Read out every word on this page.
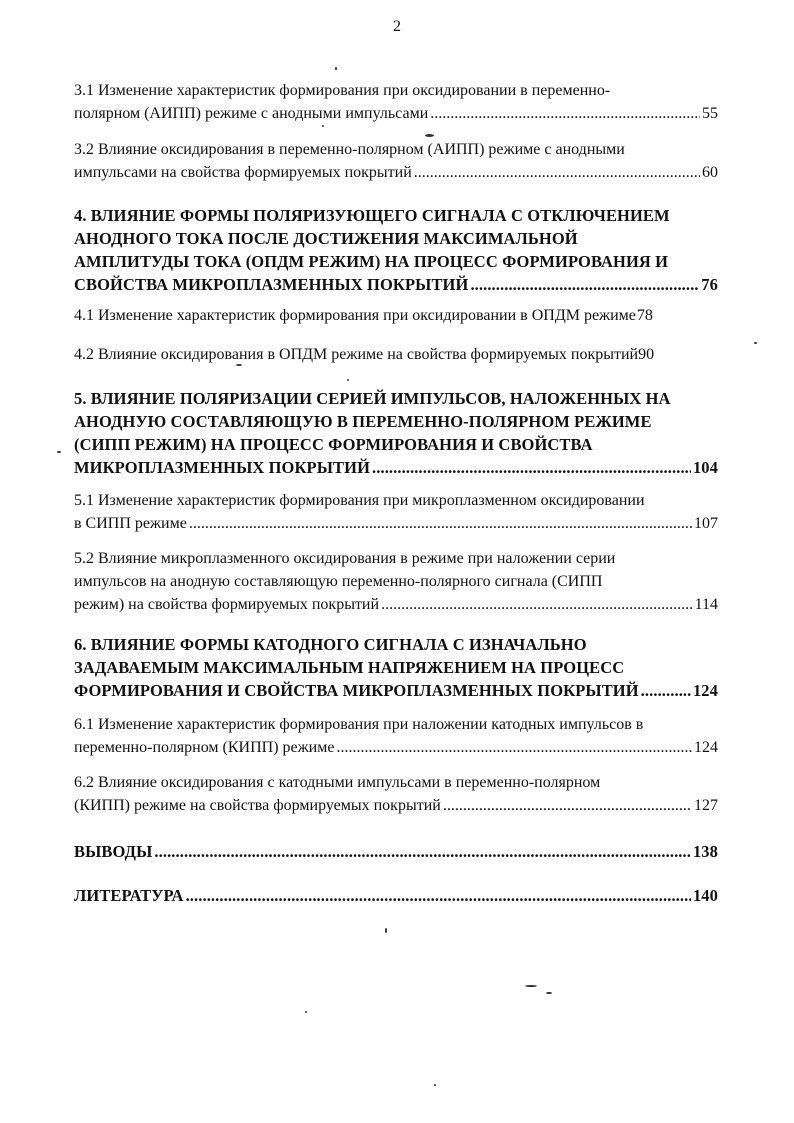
2
3.1 Изменение характеристик формирования при оксидировании в переменно-
полярном (АИПП) режиме с анодными импульсами .....	55
3.2 Влияние оксидирования в переменно-полярном (АИПП) режиме с анодными
импульсами на свойства формируемых покрытий .....	60
4. ВЛИЯНИЕ ФОРМЫ ПОЛЯРИЗУЮЩЕГО СИГНАЛА С ОТКЛЮЧЕНИЕМ
АНОДНОГО ТОКА ПОСЛЕ ДОСТИЖЕНИЯ МАКСИМАЛЬНОЙ
АМПЛИТУДЫ ТОКА (ОПДМ РЕЖИМ) НА ПРОЦЕСС ФОРМИРОВАНИЯ И
СВОЙСТВА МИКРОПЛАЗМЕННЫХ ПОКРЫТИЙ .....	76
4.1 Изменение характеристик формирования при оксидировании в ОПДМ режиме 78
4.2 Влияние оксидирования в ОПДМ режиме на свойства формируемых покрытий 90
5. ВЛИЯНИЕ ПОЛЯРИЗАЦИИ СЕРИЕЙ ИМПУЛЬСОВ, НАЛОЖЕННЫХ НА
АНОДНУЮ СОСТАВЛЯЮЩУЮ В ПЕРЕМЕННО-ПОЛЯРНОМ РЕЖИМЕ
(СИПП РЕЖИМ) НА ПРОЦЕСС ФОРМИРОВАНИЯ И СВОЙСТВА
МИКРОПЛАЗМЕННЫХ ПОКРЫТИЙ .....	104
5.1 Изменение характеристик формирования при микроплазменном оксидировании
в СИПП режиме .....	107
5.2 Влияние микроплазменного оксидирования в режиме при наложении серии
импульсов на анодную составляющую переменно-полярного сигнала (СИПП
режим) на свойства формируемых покрытий .....	114
6. ВЛИЯНИЕ ФОРМЫ КАТОДНОГО СИГНАЛА С ИЗНАЧАЛЬНО
ЗАДАВАЕМЫМ МАКСИМАЛЬНЫМ НАПРЯЖЕНИЕМ НА ПРОЦЕСС
ФОРМИРОВАНИЯ И СВОЙСТВА МИКРОПЛАЗМЕННЫХ ПОКРЫТИЙ .....	124
6.1 Изменение характеристик формирования при наложении катодных импульсов в
переменно-полярном (КИПП) режиме .....	124
6.2 Влияние оксидирования с катодными импульсами в переменно-полярном
(КИПП) режиме на свойства формируемых покрытий .....	127
ВЫВОДЫ .....	138
ЛИТЕРАТУРА .....	140
